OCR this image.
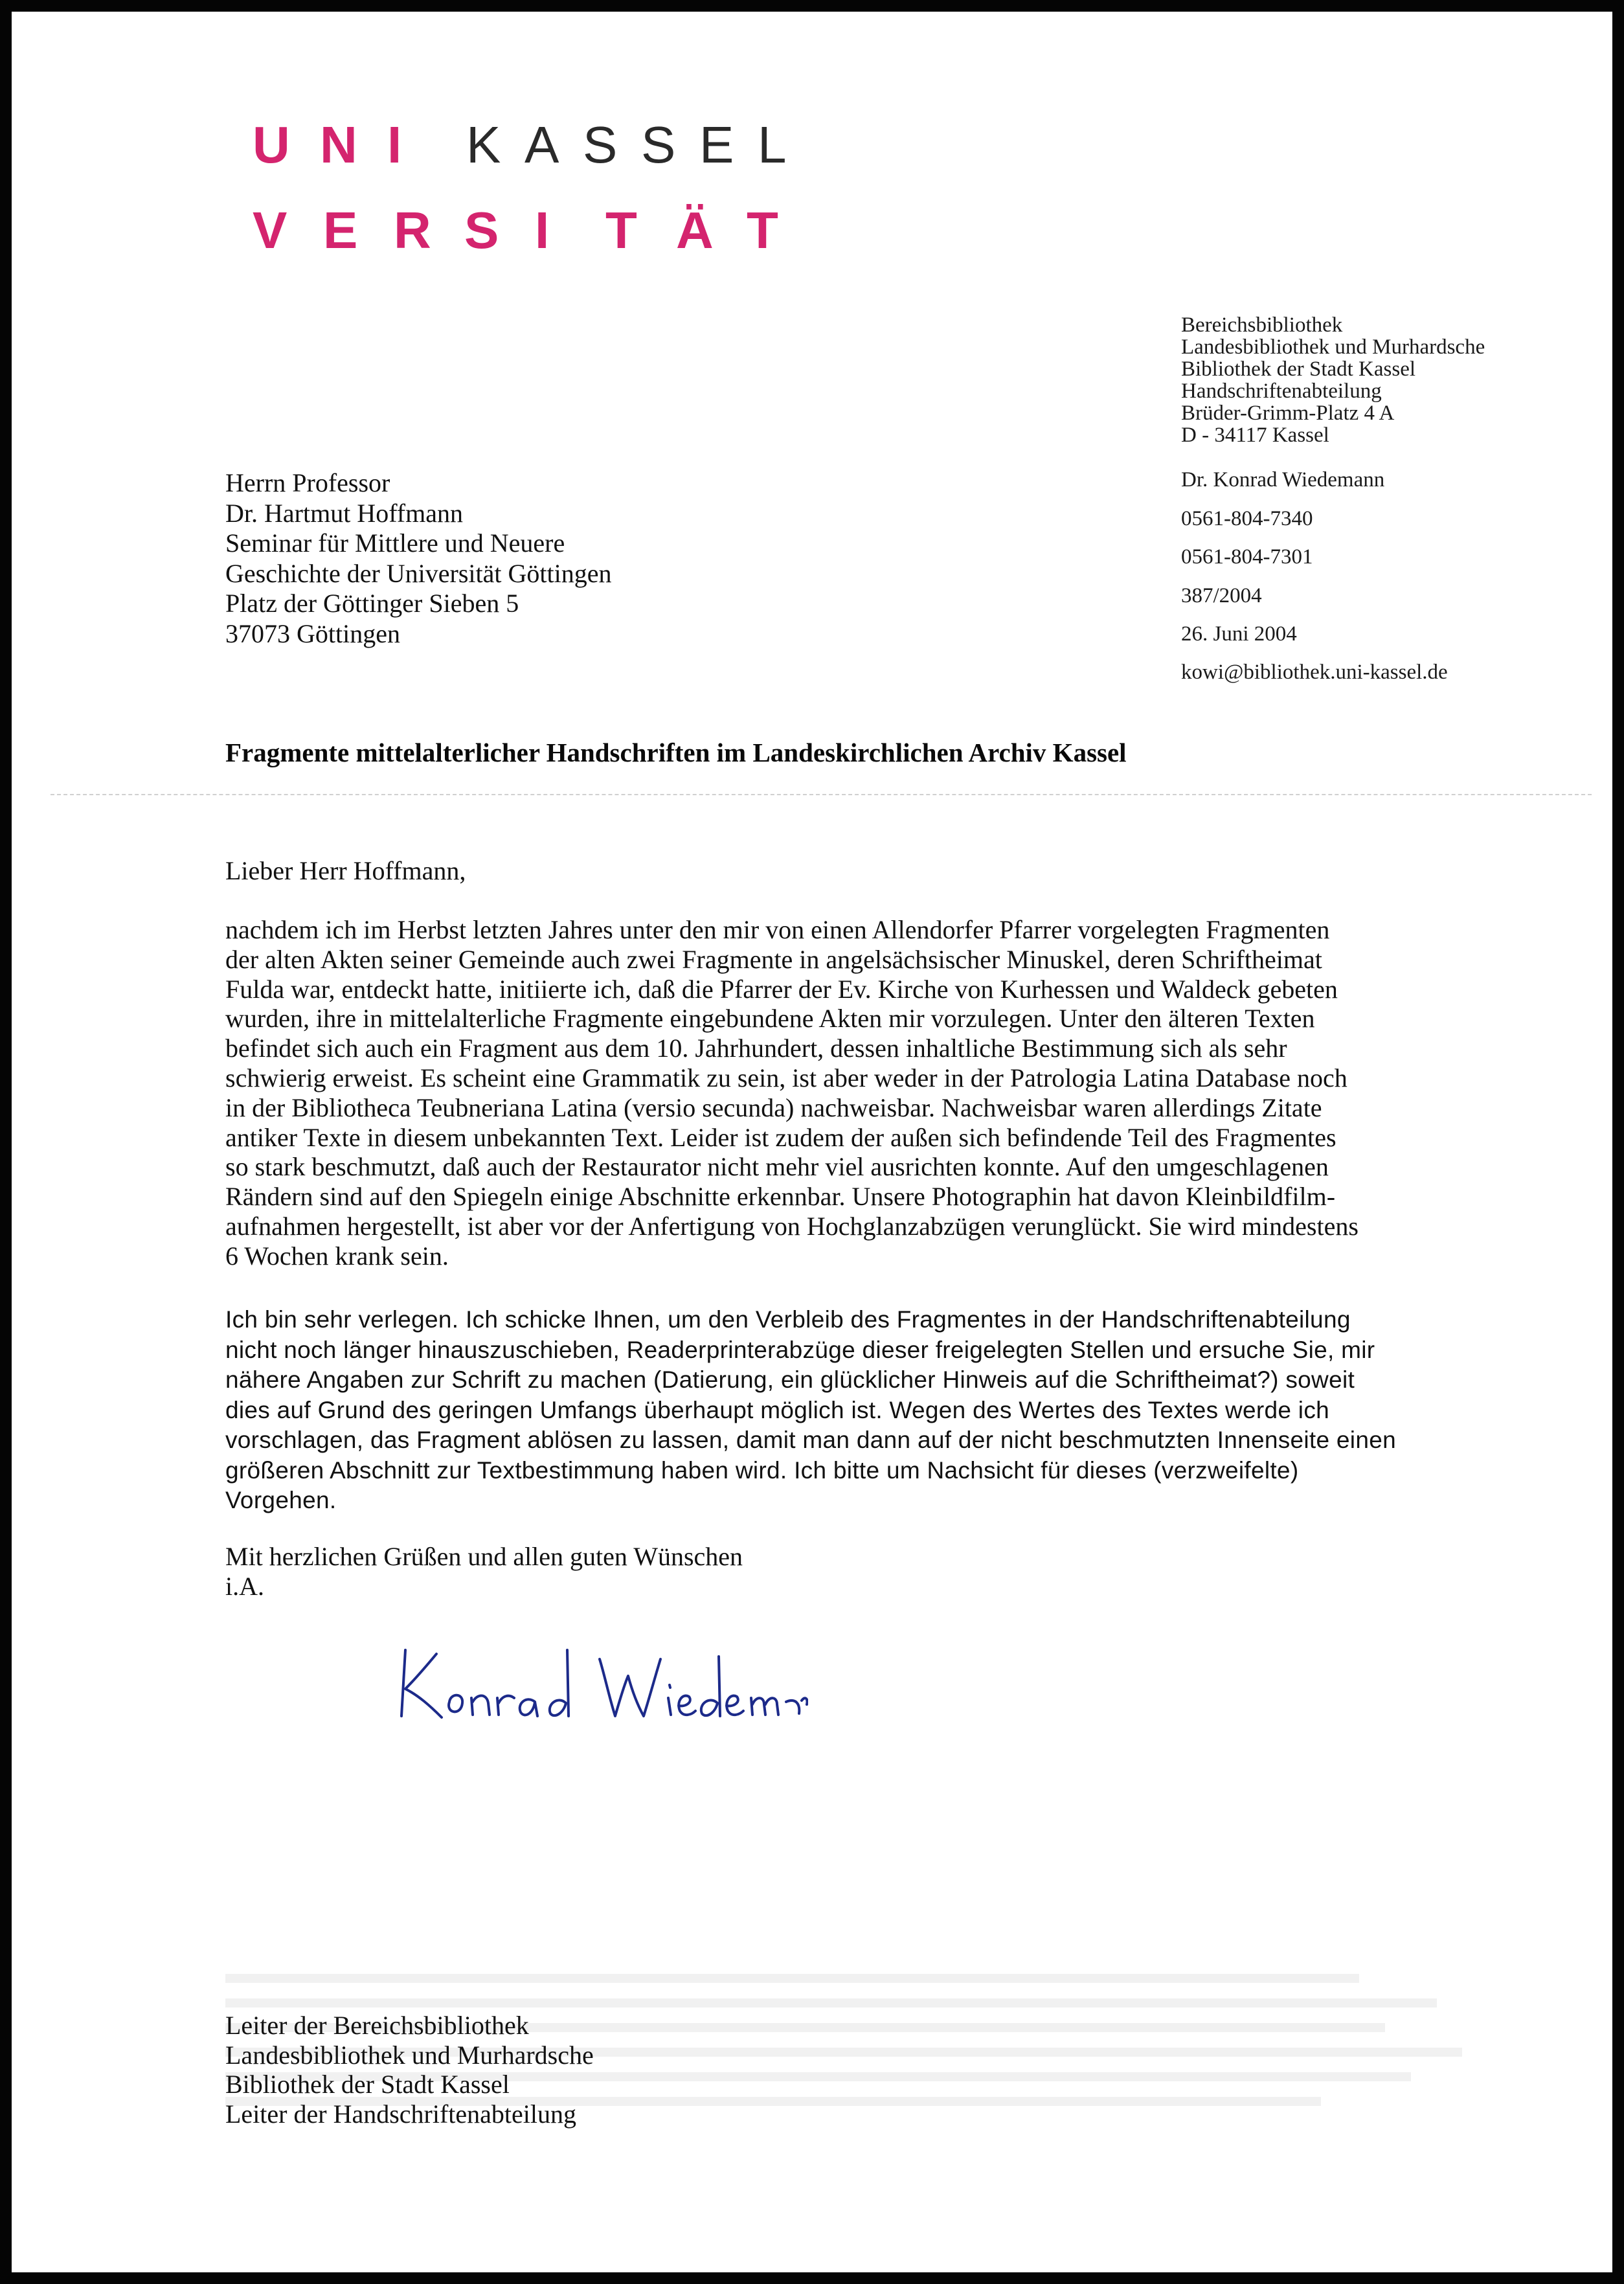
U N I	K A S S E L
V E R S I	T Ä T
Bereichsbibliothek
Landesbibliothek und Murhardsche
Bibliothek der Stadt Kassel
Handschriftenabteilung
Brüder-Grimm-Platz 4 A
D - 34117 Kassel
Dr. Konrad Wiedemann
0561-804-7340
0561-804-7301
387/2004
26. Juni 2004
kowi@bibliothek.uni-kassel.de
Herrn Professor
Dr. Hartmut Hoffmann
Seminar für Mittlere und Neuere
Geschichte der Universität Göttingen
Platz der Göttinger Sieben 5
37073 Göttingen
Fragmente mittelalterlicher Handschriften im Landeskirchlichen Archiv Kassel
Lieber Herr Hoffmann,
nachdem ich im Herbst letzten Jahres unter den mir von einen Allendorfer Pfarrer vorgelegten Fragmenten
der alten Akten seiner Gemeinde auch zwei Fragmente in angelsächsischer Minuskel, deren Schriftheimat
Fulda war, entdeckt hatte, initiierte ich, daß die Pfarrer der Ev. Kirche von Kurhessen und Waldeck gebeten
wurden, ihre in mittelalterliche Fragmente eingebundene Akten mir vorzulegen. Unter den älteren Texten
befindet sich auch ein Fragment aus dem 10. Jahrhundert, dessen inhaltliche Bestimmung sich als sehr
schwierig erweist. Es scheint eine Grammatik zu sein, ist aber weder in der Patrologia Latina Database noch
in der Bibliotheca Teubneriana Latina (versio secunda) nachweisbar. Nachweisbar waren allerdings Zitate
antiker Texte in diesem unbekannten Text. Leider ist zudem der außen sich befindende Teil des Fragmentes
so stark beschmutzt, daß auch der Restaurator nicht mehr viel ausrichten konnte. Auf den umgeschlagenen
Rändern sind auf den Spiegeln einige Abschnitte erkennbar. Unsere Photographin hat davon Kleinbildfilm-
aufnahmen hergestellt, ist aber vor der Anfertigung von Hochglanzabzügen verunglückt. Sie wird mindestens
6 Wochen krank sein.
Ich bin sehr verlegen. Ich schicke Ihnen, um den Verbleib des Fragmentes in der Handschriftenabteilung
nicht noch länger hinauszuschieben, Readerprinterabzüge dieser freigelegten Stellen und ersuche Sie, mir
nähere Angaben zur Schrift zu machen (Datierung, ein glücklicher Hinweis auf die Schriftheimat?) soweit
dies auf Grund des geringen Umfangs überhaupt möglich ist. Wegen des Wertes des Textes werde ich
vorschlagen, das Fragment ablösen zu lassen, damit man dann auf der nicht beschmutzten Innenseite einen
größeren Abschnitt zur Textbestimmung haben wird. Ich bitte um Nachsicht für dieses (verzweifelte)
Vorgehen.
Mit herzlichen Grüßen und allen guten Wünschen
i.A.
Leiter der Bereichsbibliothek
Landesbibliothek und Murhardsche
Bibliothek der Stadt Kassel
Leiter der Handschriftenabteilung
